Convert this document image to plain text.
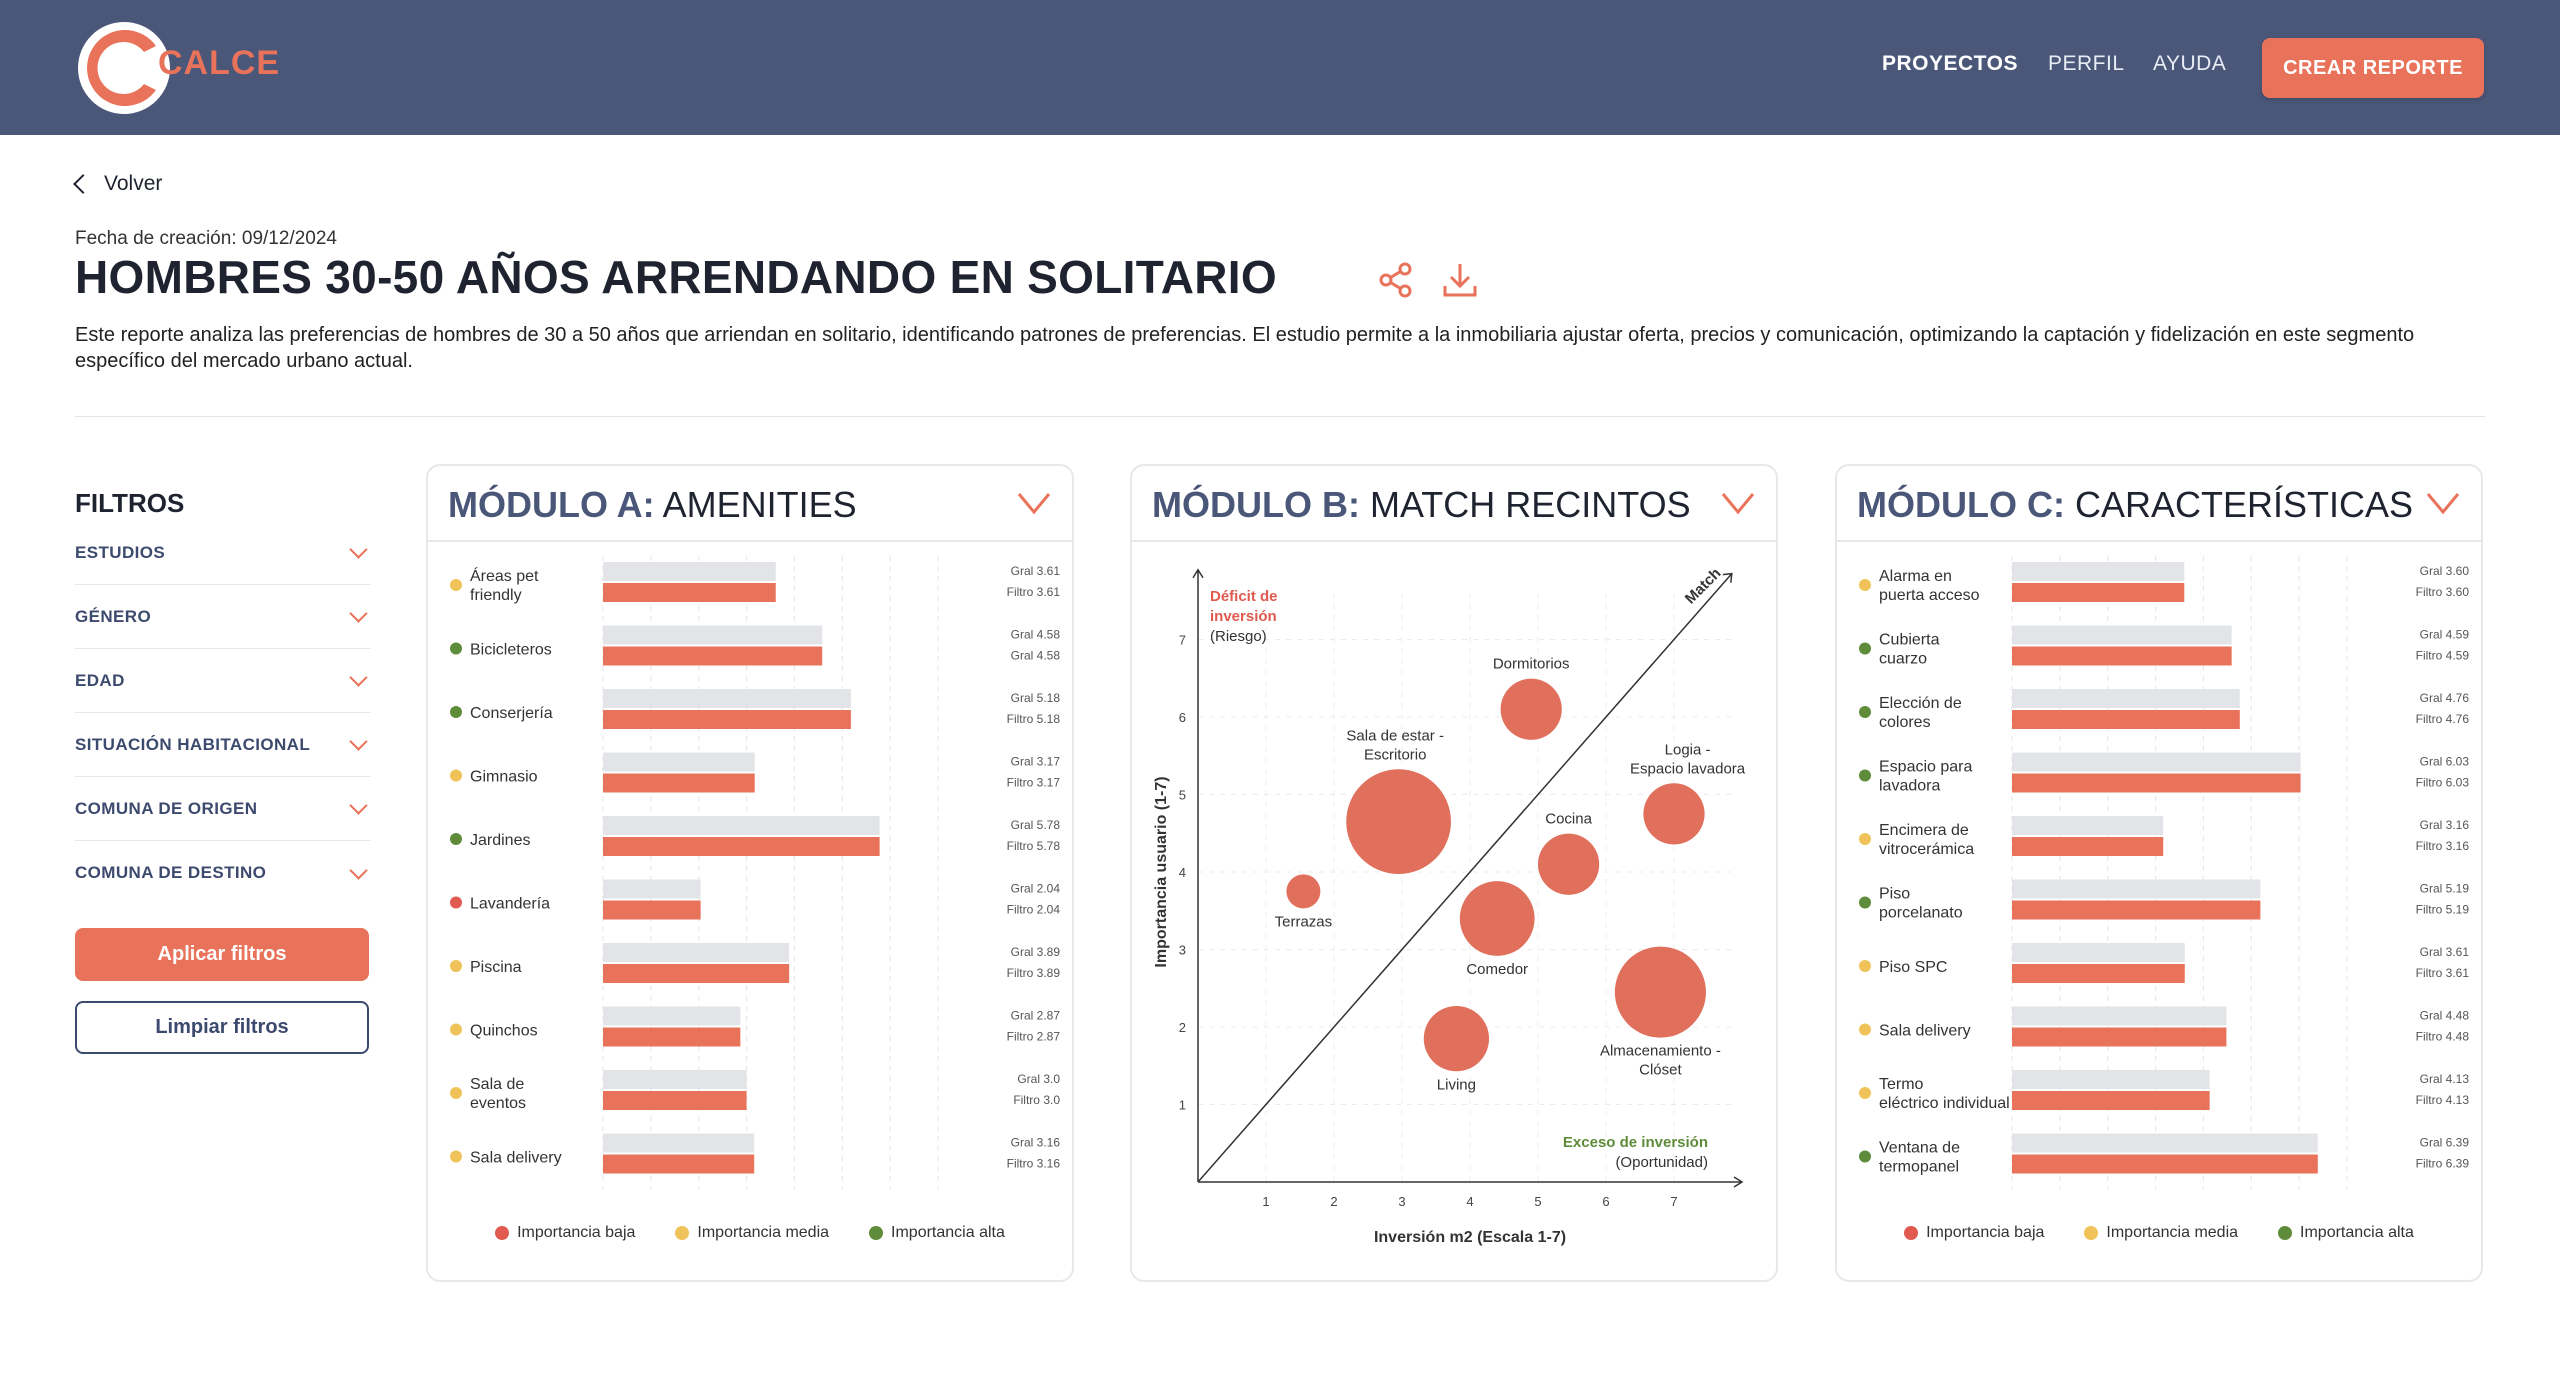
CALCE	PROYECTOS PERFIL AYUDA	CREAR REPORTE
Volver
Fecha de creación: 09/12/2024
HOMBRES 30-50 AÑOS ARRENDANDO EN SOLITARIO
Este reporte analiza las preferencias de hombres de 30 a 50 años que arriendan en solitario, identificando patrones de preferencias. El estudio permite a la inmobiliaria ajustar oferta, precios y comunicación, optimizando la captación y fidelización en este segmento específico del mercado urbano actual.
FILTROS
ESTUDIOS
GÉNERO
EDAD
SITUACIÓN HABITACIONAL
COMUNA DE ORIGEN
COMUNA DE DESTINO
Aplicar filtros
Limpiar filtros
MÓDULO A: AMENITIES
Áreas pet friendly
Gral 3.61
Filtro 3.61
Bicicleteros
Gral 4.58
Gral 4.58
Conserjería
Gral 5.18
Filtro 5.18
Gimnasio
Gral 3.17
Filtro 3.17
Jardines
Gral 5.78
Filtro 5.78
Lavandería
Gral 2.04
Filtro 2.04
Piscina
Gral 3.89
Filtro 3.89
Quinchos
Gral 2.87
Filtro 2.87
Sala de eventos
Gral 3.0
Filtro 3.0
Sala delivery
Gral 3.16
Filtro 3.16
Importancia baja	Importancia media	Importancia alta
MÓDULO B: MATCH RECINTOS
Match
1	2	3	4	5	6	7
1
2
3
4
5
6
7
Inversión m2 (Escala 1-7)
Importancia usuario (1-7)
Déficit de inversión
(Riesgo)
Exceso de inversión
(Oportunidad)
Dormitorios
Sala de estar -Escritorio	Logia -Espacio lavadora
Cocina
Terrazas
Comedor
Almacenamiento -Clóset
Living
MÓDULO C: CARACTERÍSTICAS
Alarma en puerta acceso
Gral 3.60
Filtro 3.60
Cubierta cuarzo
Gral 4.59
Filtro 4.59
Elección de colores
Gral 4.76
Filtro 4.76
Espacio para lavadora
Gral 6.03
Filtro 6.03
Encimera de vitrocerámica
Gral 3.16
Filtro 3.16
Piso porcelanato
Gral 5.19
Filtro 5.19
Piso SPC
Gral 3.61
Filtro 3.61
Sala delivery
Gral 4.48
Filtro 4.48
Termo eléctrico individual
Gral 4.13
Filtro 4.13
Ventana de termopanel
Gral 6.39
Filtro 6.39
Importancia baja	Importancia media	Importancia alta
